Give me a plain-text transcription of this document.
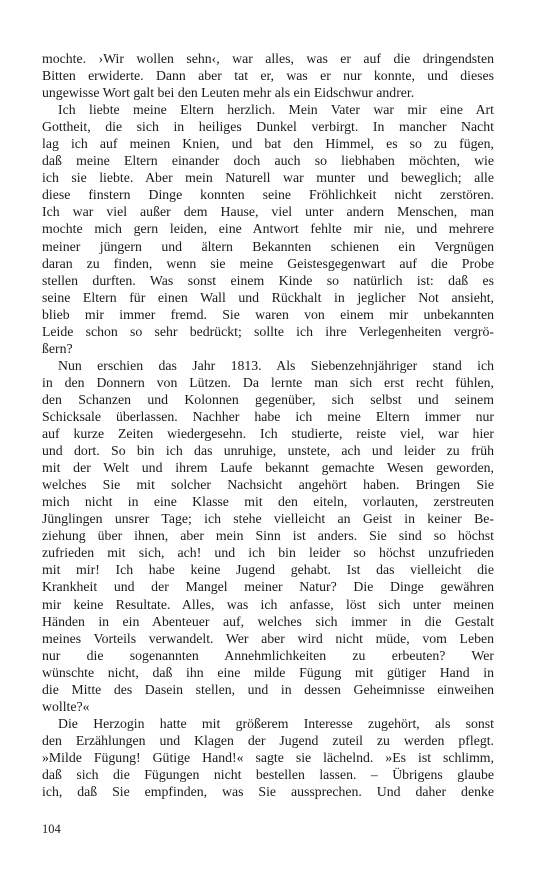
mochte. ›Wir wollen sehn‹, war alles, was er auf die dringendsten
Bitten erwiderte. Dann aber tat er, was er nur konnte, und dieses
ungewisse Wort galt bei den Leuten mehr als ein Eidschwur andrer.
Ich liebte meine Eltern herzlich. Mein Vater war mir eine Art
Gottheit, die sich in heiliges Dunkel verbirgt. In mancher Nacht
lag ich auf meinen Knien, und bat den Himmel, es so zu fügen,
daß meine Eltern einander doch auch so liebhaben möchten, wie
ich sie liebte. Aber mein Naturell war munter und beweglich; alle
diese finstern Dinge konnten seine Fröhlichkeit nicht zerstören.
Ich war viel außer dem Hause, viel unter andern Menschen, man
mochte mich gern leiden, eine Antwort fehlte mir nie, und mehrere
meiner jüngern und ältern Bekannten schienen ein Vergnügen
daran zu finden, wenn sie meine Geistesgegenwart auf die Probe
stellen durften. Was sonst einem Kinde so natürlich ist: daß es
seine Eltern für einen Wall und Rückhalt in jeglicher Not ansieht,
blieb mir immer fremd. Sie waren von einem mir unbekannten
Leide schon so sehr bedrückt; sollte ich ihre Verlegenheiten vergrö-
ßern?
Nun erschien das Jahr 1813. Als Siebenzehnjähriger stand ich
in den Donnern von Lützen. Da lernte man sich erst recht fühlen,
den Schanzen und Kolonnen gegenüber, sich selbst und seinem
Schicksale überlassen. Nachher habe ich meine Eltern immer nur
auf kurze Zeiten wiedergesehn. Ich studierte, reiste viel, war hier
und dort. So bin ich das unruhige, unstete, ach und leider zu früh
mit der Welt und ihrem Laufe bekannt gemachte Wesen geworden,
welches Sie mit solcher Nachsicht angehört haben. Bringen Sie
mich nicht in eine Klasse mit den eiteln, vorlauten, zerstreuten
Jünglingen unsrer Tage; ich stehe vielleicht an Geist in keiner Be-
ziehung über ihnen, aber mein Sinn ist anders. Sie sind so höchst
zufrieden mit sich, ach! und ich bin leider so höchst unzufrieden
mit mir! Ich habe keine Jugend gehabt. Ist das vielleicht die
Krankheit und der Mangel meiner Natur? Die Dinge gewähren
mir keine Resultate. Alles, was ich anfasse, löst sich unter meinen
Händen in ein Abenteuer auf, welches sich immer in die Gestalt
meines Vorteils verwandelt. Wer aber wird nicht müde, vom Leben
nur die sogenannten Annehmlichkeiten zu erbeuten? Wer
wünschte nicht, daß ihn eine milde Fügung mit gütiger Hand in
die Mitte des Dasein stellen, und in dessen Geheimnisse einweihen
wollte?«
Die Herzogin hatte mit größerem Interesse zugehört, als sonst
den Erzählungen und Klagen der Jugend zuteil zu werden pflegt.
»Milde Fügung! Gütige Hand!« sagte sie lächelnd. »Es ist schlimm,
daß sich die Fügungen nicht bestellen lassen. – Übrigens glaube
ich, daß Sie empfinden, was Sie aussprechen. Und daher denke
104
